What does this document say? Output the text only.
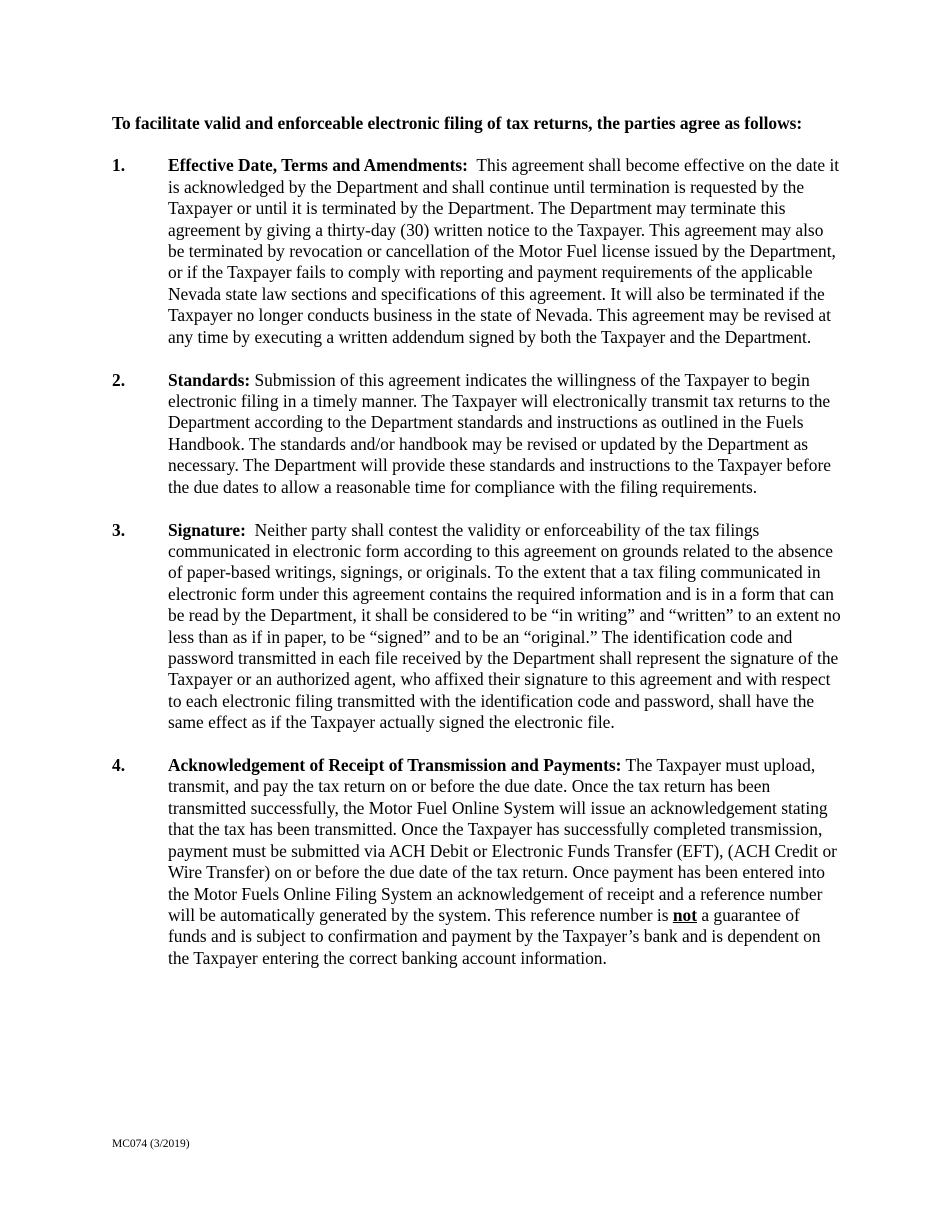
To facilitate valid and enforceable electronic filing of tax returns, the parties agree as follows:

1. Effective Date, Terms and Amendments: This agreement shall become effective on the date it is acknowledged by the Department and shall continue until termination is requested by the Taxpayer or until it is terminated by the Department. The Department may terminate this agreement by giving a thirty-day (30) written notice to the Taxpayer. This agreement may also be terminated by revocation or cancellation of the Motor Fuel license issued by the Department, or if the Taxpayer fails to comply with reporting and payment requirements of the applicable Nevada state law sections and specifications of this agreement. It will also be terminated if the Taxpayer no longer conducts business in the state of Nevada. This agreement may be revised at any time by executing a written addendum signed by both the Taxpayer and the Department.
2. Standards: Submission of this agreement indicates the willingness of the Taxpayer to begin electronic filing in a timely manner. The Taxpayer will electronically transmit tax returns to the Department according to the Department standards and instructions as outlined in the Fuels Handbook. The standards and/or handbook may be revised or updated by the Department as necessary. The Department will provide these standards and instructions to the Taxpayer before the due dates to allow a reasonable time for compliance with the filing requirements.
3. Signature: Neither party shall contest the validity or enforceability of the tax filings communicated in electronic form according to this agreement on grounds related to the absence of paper-based writings, signings, or originals. To the extent that a tax filing communicated in electronic form under this agreement contains the required information and is in a form that can be read by the Department, it shall be considered to be “in writing” and “written” to an extent no less than as if in paper, to be “signed” and to be an “original.” The identification code and password transmitted in each file received by the Department shall represent the signature of the Taxpayer or an authorized agent, who affixed their signature to this agreement and with respect to each electronic filing transmitted with the identification code and password, shall have the same effect as if the Taxpayer actually signed the electronic file.
4. Acknowledgement of Receipt of Transmission and Payments: The Taxpayer must upload, transmit, and pay the tax return on or before the due date. Once the tax return has been transmitted successfully, the Motor Fuel Online System will issue an acknowledgement stating that the tax has been transmitted. Once the Taxpayer has successfully completed transmission, payment must be submitted via ACH Debit or Electronic Funds Transfer (EFT), (ACH Credit or Wire Transfer) on or before the due date of the tax return. Once payment has been entered into the Motor Fuels Online Filing System an acknowledgement of receipt and a reference number will be automatically generated by the system. This reference number is not a guarantee of funds and is subject to confirmation and payment by the Taxpayer’s bank and is dependent on the Taxpayer entering the correct banking account information.
MC074 (3/2019)
